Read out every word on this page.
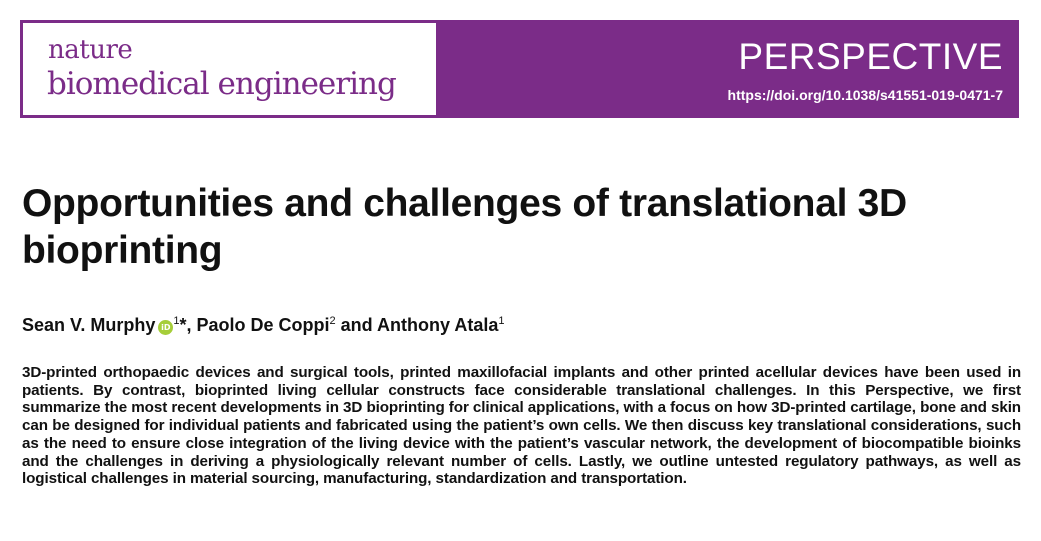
nature
biomedical engineering
PERSPECTIVE
https://doi.org/10.1038/s41551-019-0471-7
Opportunities and challenges of translational 3D bioprinting
Sean V. Murphy $iD^1*$, Paolo De Coppi$^2$ and Anthony Atala$^1$

3D-printed orthopaedic devices and surgical tools, printed maxillofacial implants and other printed acellular devices have been used in patients. By contrast, bioprinted living cellular constructs face considerable translational challenges. In this Perspective, we first summarize the most recent developments in 3D bioprinting for clinical applications, with a focus on how 3D-printed cartilage, bone and skin can be designed for individual patients and fabricated using the patient’s own cells. We then discuss key translational considerations, such as the need to ensure close integration of the living device with the patient’s vascular network, the development of biocompatible bioinks and the challenges in deriving a physiologically relevant number of cells. Lastly, we outline untested regulatory pathways, as well as logistical challenges in material sourcing, manufacturing, standardization and transportation.
